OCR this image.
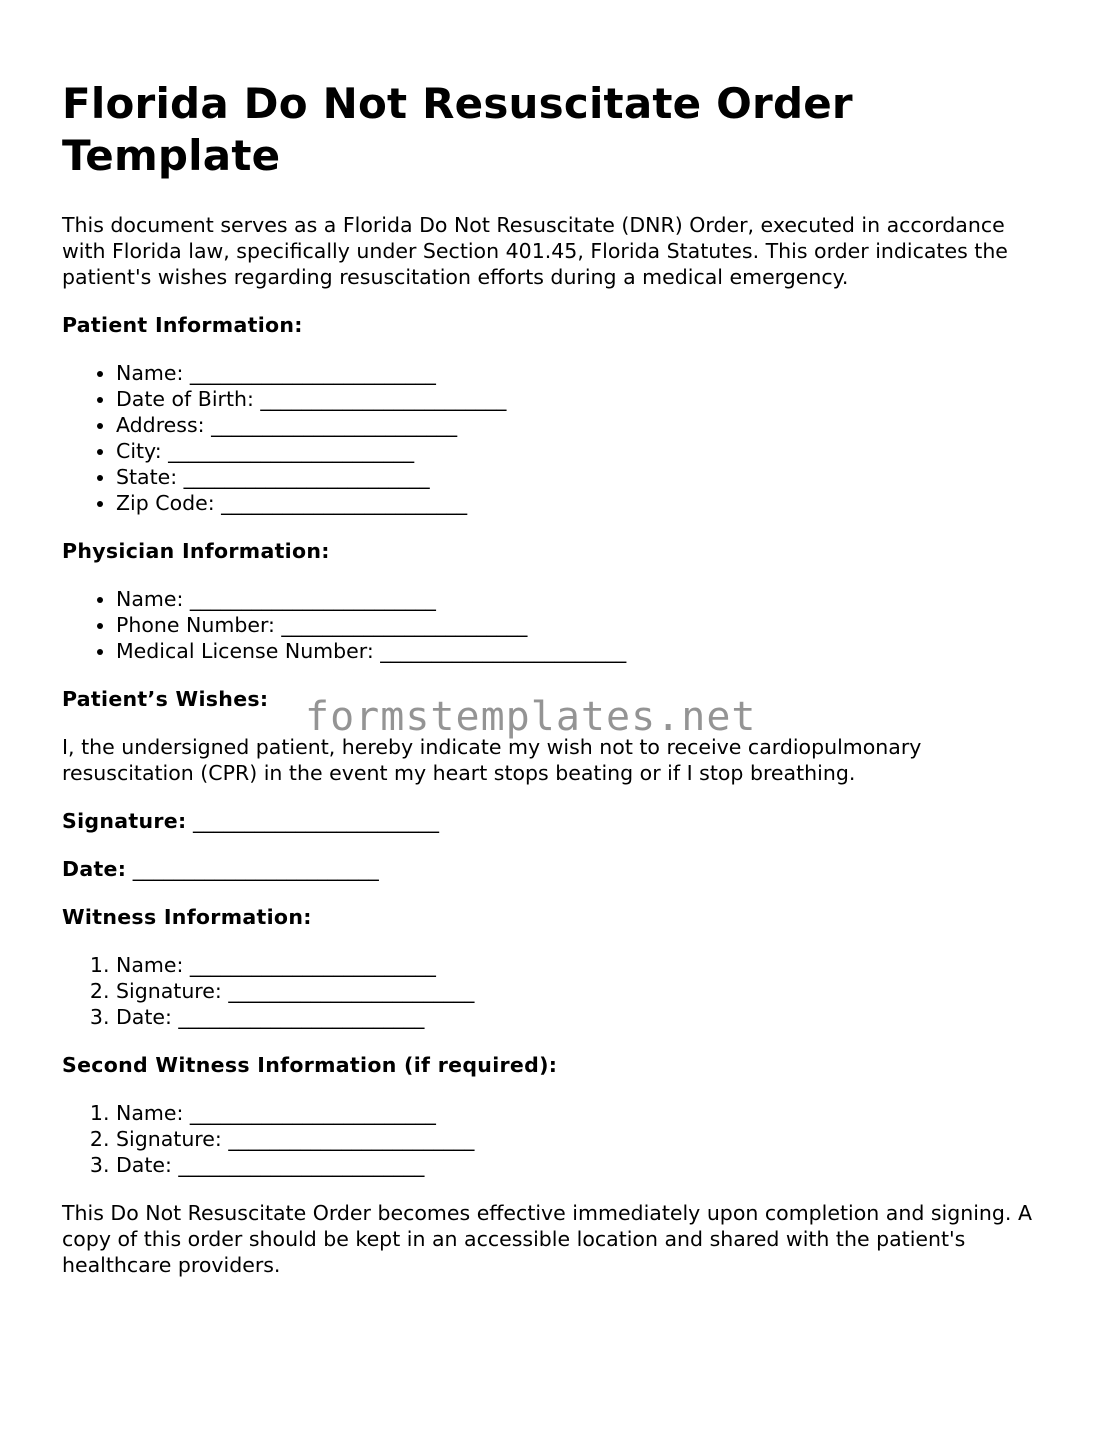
Florida Do Not Resuscitate Order Template

This document serves as a Florida Do Not Resuscitate (DNR) Order, executed in accordance with Florida law, specifically under Section 401.45, Florida Statutes. This order indicates the patient's wishes regarding resuscitation efforts during a medical emergency.

Patient Information:
• Name: ________________________
• Date of Birth: ________________________
• Address: ________________________
• City: ________________________
• State: ________________________
• Zip Code: ________________________
Physician Information:
• Name: ________________________
• Phone Number: ________________________
• Medical License Number: ________________________
Patient’s Wishes:

I, the undersigned patient, hereby indicate my wish not to receive cardiopulmonary resuscitation (CPR) in the event my heart stops beating or if I stop breathing.

Signature: ________________________

Date: ________________________

Witness Information:
1. Name: ________________________
2. Signature: ________________________
3. Date: ________________________
Second Witness Information (if required):
1. Name: ________________________
2. Signature: ________________________
3. Date: ________________________

This Do Not Resuscitate Order becomes effective immediately upon completion and signing. A copy of this order should be kept in an accessible location and shared with the patient's healthcare providers.

formstemplates.net
